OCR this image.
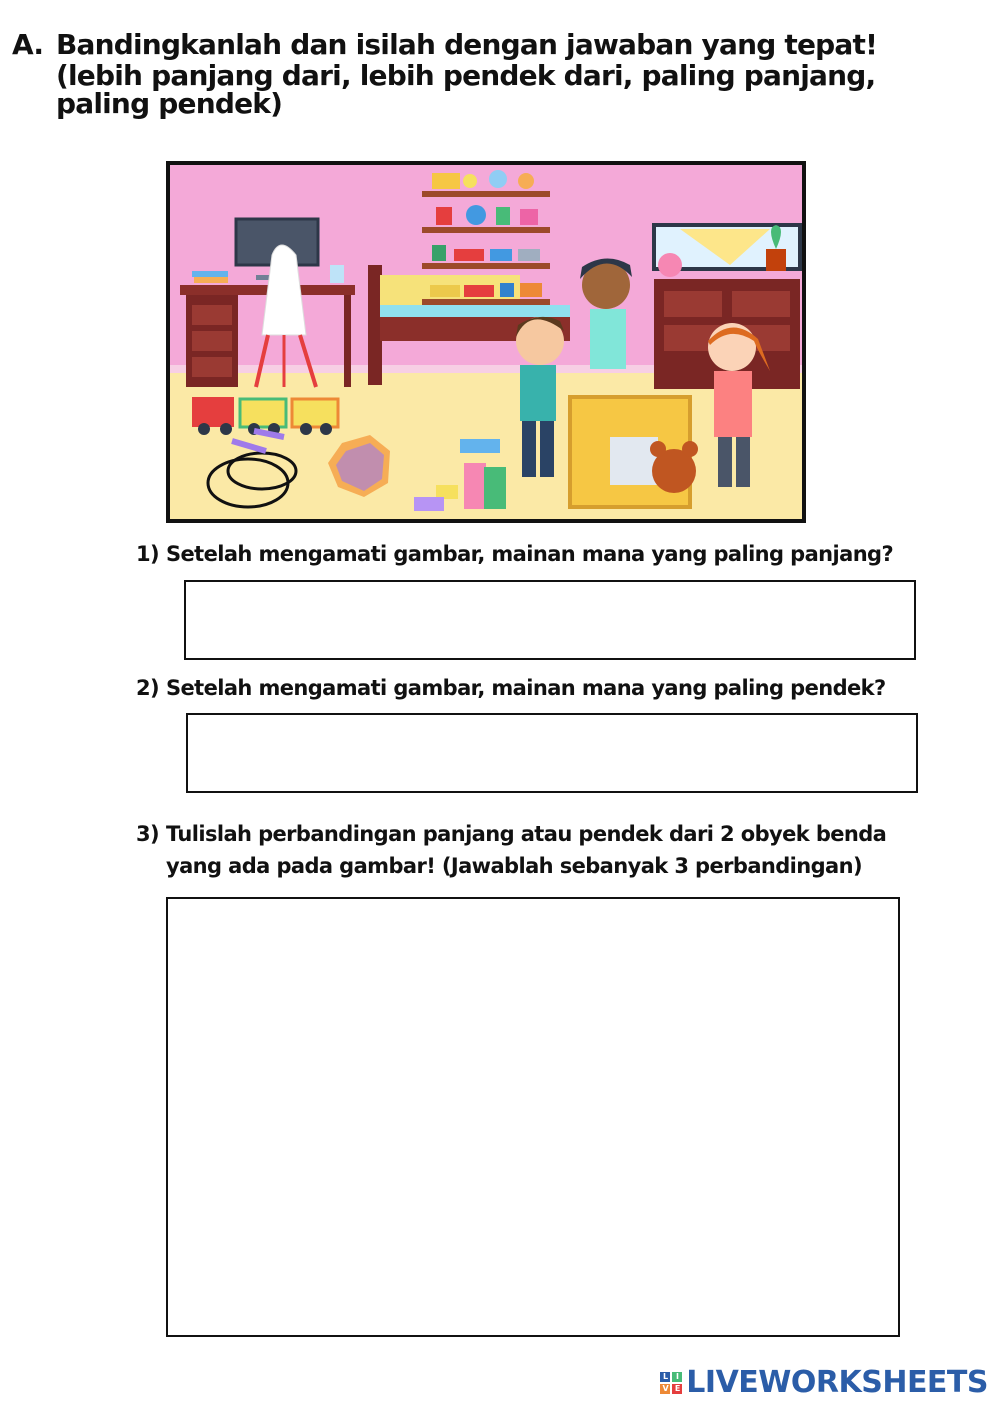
A. Bandingkanlah dan isilah dengan jawaban yang tepat!
(lebih panjang dari, lebih pendek dari, paling panjang, paling pendek)
1) Setelah mengamati gambar, mainan mana yang paling panjang?
2) Setelah mengamati gambar, mainan mana yang paling pendek?
3) Tulislah perbandingan panjang atau pendek dari 2 obyek benda
yang ada pada gambar! (Jawablah sebanyak 3 perbandingan)
L	I
V E LIVEWORKSHEETS
